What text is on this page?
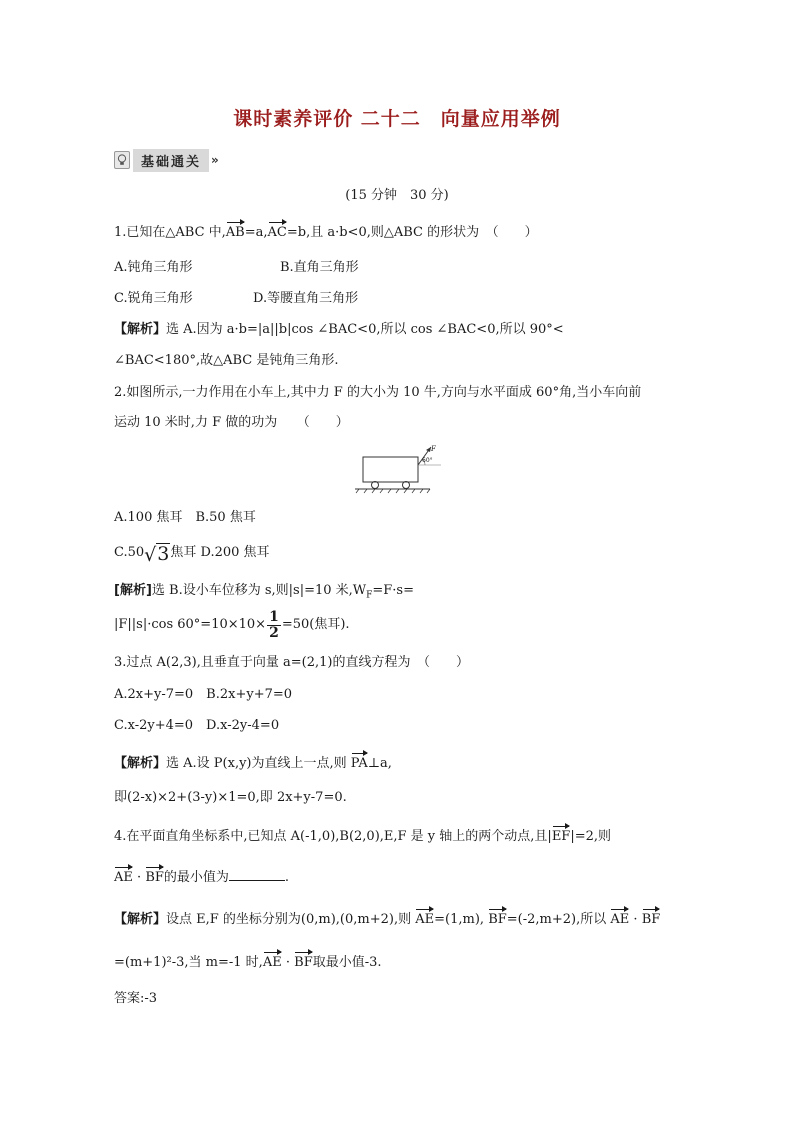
课时素养评价 二十二　向量应用举例
基础通关 »
(15 分钟　30 分)
1.已知在△ABC 中,AB=a,AC=b,且 a·b<0,则△ABC 的形状为　（　　）
A.钝角三角形	B.直角三角形
C.锐角三角形	D.等腰直角三角形
【解析】选 A.因为 a·b=|a||b|cos ∠BAC<0,所以 cos ∠BAC<0,所以 90°<
∠BAC<180°,故△ABC 是钝角三角形.
2.如图所示,一力作用在小车上,其中力 F 的大小为 10 牛,方向与水平面成 60°角,当小车向前
运动 10 米时,力 F 做的功为　　（　　）
F
60°
A.100 焦耳　B.50 焦耳
C.50 √ 3 焦耳 D.200 焦耳
[解析]选 B.设小车位移为 s,则|s|=10 米$,W_F=F\cdot s=$
|F||s|·cos $60^\circ=10\times 10\times \frac{1}{2} =50$(焦耳).
3.过点 A(2,3),且垂直于向量 a=(2,1)的直线方程为　（　　）
A.2x+y-7=0　B.2x+y+7=0
C.x-2y+4=0　D.x-2y-4=0
【解析】选 A.设 P(x,y)为直线上一点,则 PA⊥a,
即(2-x)×2+(3-y)×1=0,即 2x+y-7=0.
4.在平面直角坐标系中,已知点 A(-1,0),B(2,0),E,F 是 y 轴上的两个动点,且|EF|=2,则
AE · BF的最小值为	.
【解析】设点 E,F 的坐标分别为(0,m),(0,m+2),则 AE=(1,m), BF=(-2,m+2),所以 AE · BF
=(m+1)²-3,当 m=-1 时,AE · BF取最小值-3.
答案:-3
